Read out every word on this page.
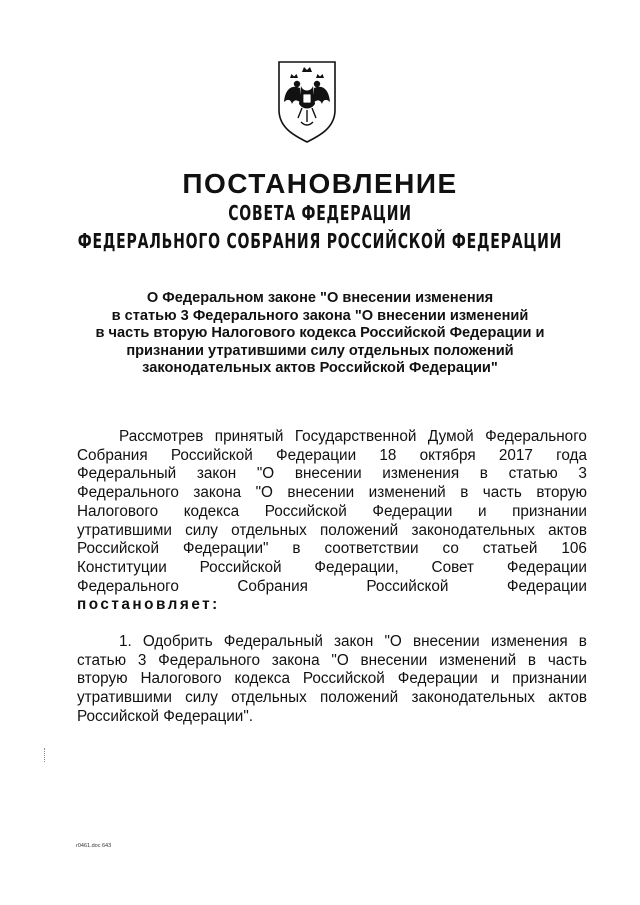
ПОСТАНОВЛЕНИЕ
СОВЕТА ФЕДЕРАЦИИ
ФЕДЕРАЛЬНОГО СОБРАНИЯ РОССИЙСКОЙ ФЕДЕРАЦИИ
О Федеральном законе "О внесении изменения
в статью 3 Федерального закона "О внесении изменений
в часть вторую Налогового кодекса Российской Федерации и
признании утратившими силу отдельных положений
законодательных актов Российской Федерации"
Рассмотрев принятый Государственной Думой Федерального
Собрания Российской Федерации 18 октября 2017 года
Федеральный закон "О внесении изменения в статью 3
Федерального закона "О внесении изменений в часть вторую
Налогового кодекса Российской Федерации и признании
утратившими силу отдельных положений законодательных актов
Российской Федерации" в соответствии со статьей 106
Конституции Российской Федерации, Совет Федерации
Федерального	Собрания	Российской	Федерации
постановляет:
1. Одобрить Федеральный закон "О внесении изменения в
статью 3 Федерального закона "О внесении изменений в часть
вторую Налогового кодекса Российской Федерации и признании
утратившими силу отдельных положений законодательных актов
Российской Федерации".
r0461.doc 643
